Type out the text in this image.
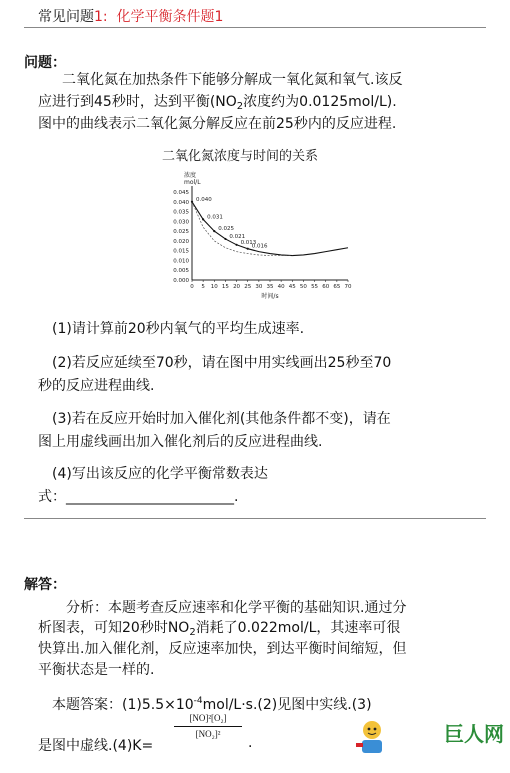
常见问题1: 化学平衡条件题1
问题：
二氧化氮在加热条件下能够分解成一氧化氮和氧气.该反
应进行到45秒时，达到平衡($NO_2$浓度约为0.0125mol/L).
图中的曲线表示二氧化氮分解反应在前25秒内的反应进程.
二氧化氮浓度与时间的关系
浓度
mol/L
0.000
0.005
0.010
0.015
0.020
0.025
0.030
0.035
0.040
0.045
0 5 10 15 20 25 30 35 40 45 50 55 60 65 70
时间/s
0.040
0.031
0.025
0.021
0.013
0.016
(1)请计算前20秒内氧气的平均生成速率.
(2)若反应延续至70秒，请在图中用实线画出25秒至70
秒的反应进程曲线.
(3)若在反应开始时加入催化剂(其他条件都不变)，请在
图上用虚线画出加入催化剂后的反应进程曲线.
(4)写出该反应的化学平衡常数表达
式：________________________.
解答：
分析：本题考查反应速率和化学平衡的基础知识.通过分
析图表，可知20秒时$NO_2$消耗了0.022mol/L，其速率可很
快算出.加入催化剂，反应速率加快，到达平衡时间缩短，但
平衡状态是一样的.
本题答案：$(1)5.5\times 10^{-4}mol/L\cdot s.(2)$见图中实线.(3)
是图中虚线.(4)K=
[NO]²[O₂]
[NO₂]²
.	巨人网
